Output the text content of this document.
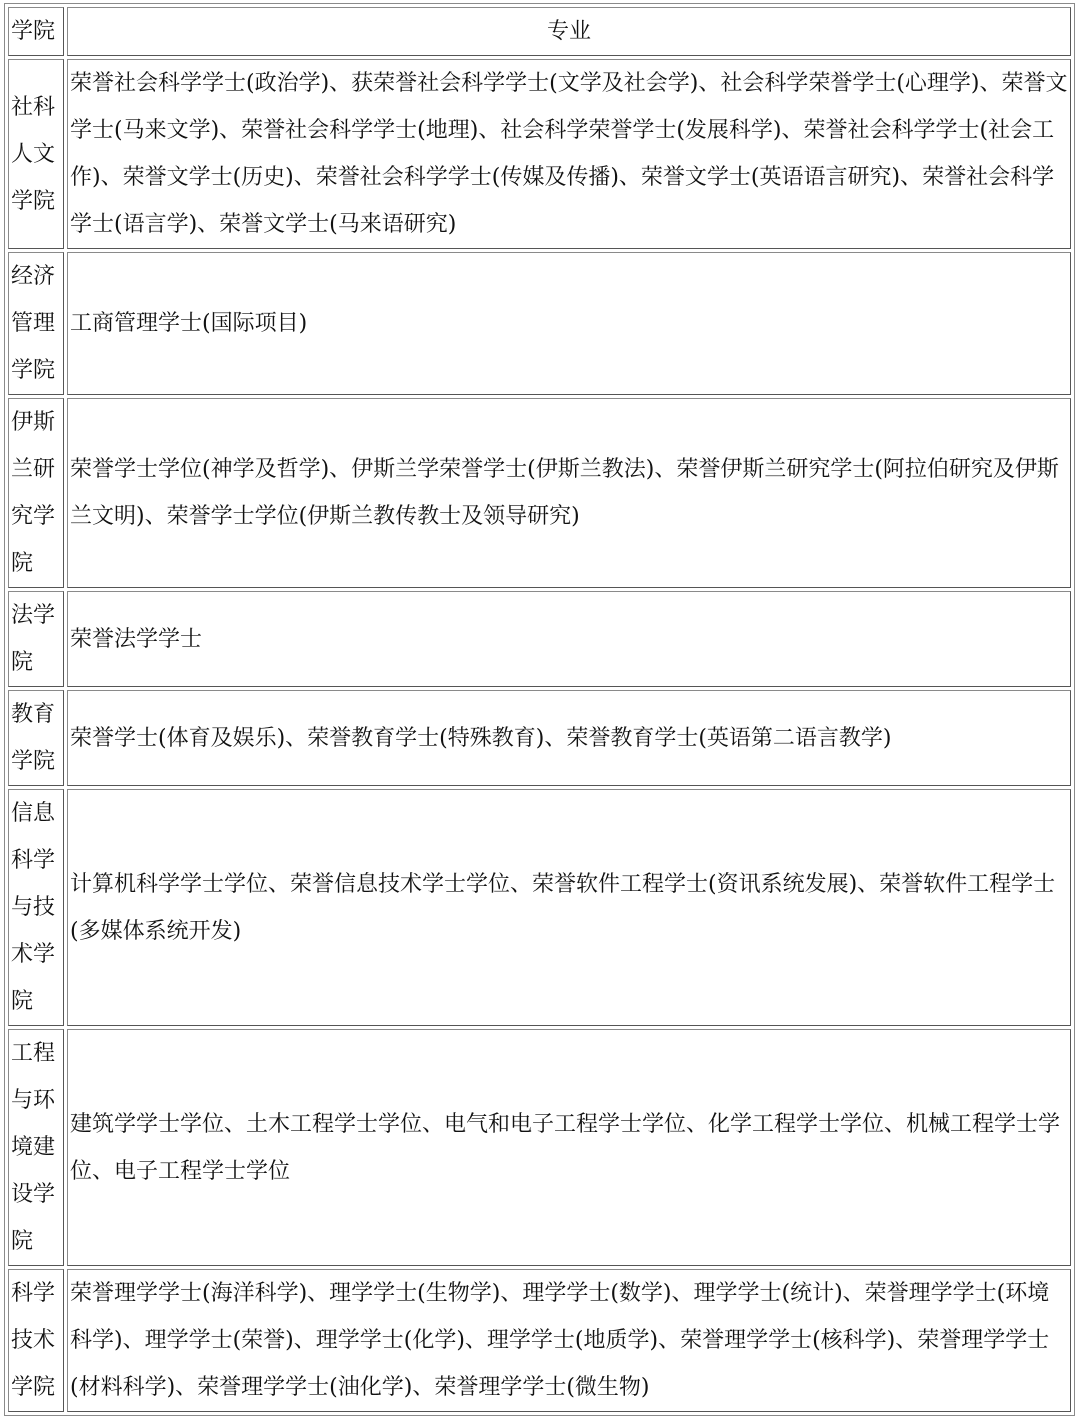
学院	专业
社科人文学院	荣誉社会科学学士(政治学)、获荣誉社会科学学士(文学及社会学)、社会科学荣誉学士(心理学)、荣誉文学士(马来文学)、荣誉社会科学学士(地理)、社会科学荣誉学士(发展科学)、荣誉社会科学学士(社会工作)、荣誉文学士(历史)、荣誉社会科学学士(传媒及传播)、荣誉文学士(英语语言研究)、荣誉社会科学学士(语言学)、荣誉文学士(马来语研究)
经济管理学院	工商管理学士(国际项目)
伊斯兰研究学院	荣誉学士学位(神学及哲学)、伊斯兰学荣誉学士(伊斯兰教法)、荣誉伊斯兰研究学士(阿拉伯研究及伊斯兰文明)、荣誉学士学位(伊斯兰教传教士及领导研究)
法学院	荣誉法学学士
教育学院	荣誉学士(体育及娱乐)、荣誉教育学士(特殊教育)、荣誉教育学士(英语第二语言教学)
信息科学与技术学院	计算机科学学士学位、荣誉信息技术学士学位、荣誉软件工程学士(资讯系统发展)、荣誉软件工程学士(多媒体系统开发)
工程与环境建设学院	建筑学学士学位、土木工程学士学位、电气和电子工程学士学位、化学工程学士学位、机械工程学士学位、电子工程学士学位
科学技术学院	荣誉理学学士(海洋科学)、理学学士(生物学)、理学学士(数学)、理学学士(统计)、荣誉理学学士(环境科学)、理学学士(荣誉)、理学学士(化学)、理学学士(地质学)、荣誉理学学士(核科学)、荣誉理学学士(材料科学)、荣誉理学学士(油化学)、荣誉理学学士(微生物)
